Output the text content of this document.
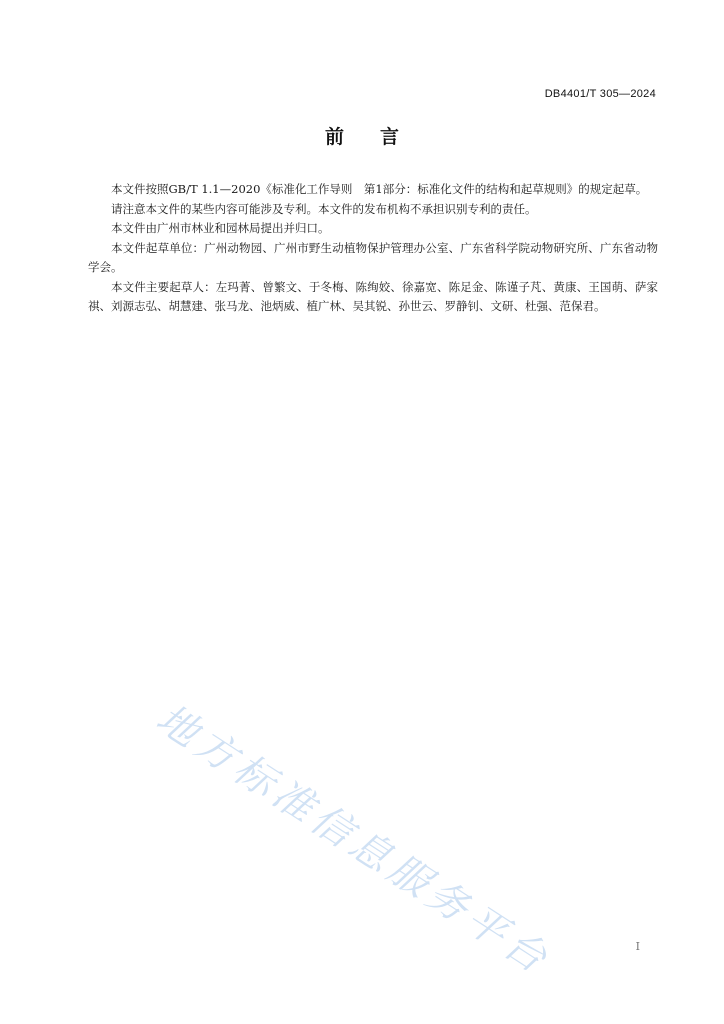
DB4401/T 305—2024
前言

本文件按照GB/T 1.1—2020《标准化工作导则　第1部分：标准化文件的结构和起草规则》的规定起草。

请注意本文件的某些内容可能涉及专利。本文件的发布机构不承担识别专利的责任。

本文件由广州市林业和园林局提出并归口。

本文件起草单位：广州动物园、广州市野生动植物保护管理办公室、广东省科学院动物研究所、广东省动物学会。

本文件主要起草人：左玛菁、曾繁文、于冬梅、陈绚姣、徐嘉宽、陈足金、陈谨子芃、黄康、王国萌、萨家祺、刘源志弘、胡慧建、张马龙、池炳威、植广林、吴其锐、孙世云、罗静钊、文研、杜强、范保君。

地方标准信息服务平台	I
